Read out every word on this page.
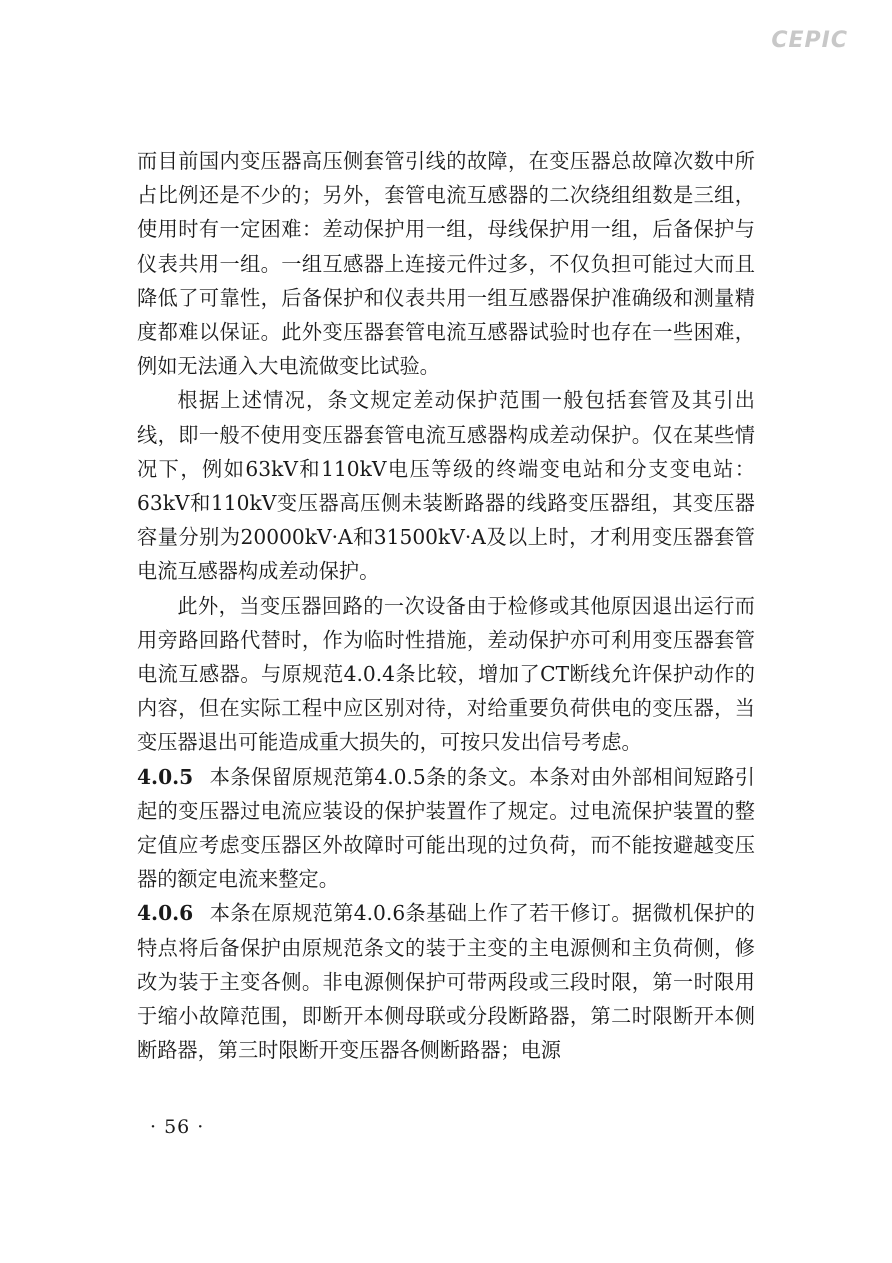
CEPIC

而目前国内变压器高压侧套管引线的故障，在变压器总故障次数中所占比例还是不少的；另外，套管电流互感器的二次绕组组数是三组，使用时有一定困难：差动保护用一组，母线保护用一组，后备保护与仪表共用一组。一组互感器上连接元件过多，不仅负担可能过大而且降低了可靠性，后备保护和仪表共用一组互感器保护准确级和测量精度都难以保证。此外变压器套管电流互感器试验时也存在一些困难，例如无法通入大电流做变比试验。

根据上述情况，条文规定差动保护范围一般包括套管及其引出线，即一般不使用变压器套管电流互感器构成差动保护。仅在某些情况下，例如63kV和110kV电压等级的终端变电站和分支变电站：63kV和110kV变压器高压侧未装断路器的线路变压器组，其变压器容量分别为20000kV·A和31500kV·A及以上时，才利用变压器套管电流互感器构成差动保护。

此外，当变压器回路的一次设备由于检修或其他原因退出运行而用旁路回路代替时，作为临时性措施，差动保护亦可利用变压器套管电流互感器。与原规范4.0.4条比较，增加了CT断线允许保护动作的内容，但在实际工程中应区别对待，对给重要负荷供电的变压器，当变压器退出可能造成重大损失的，可按只发出信号考虑。

4.0.5 本条保留原规范第4.0.5条的条文。本条对由外部相间短路引起的变压器过电流应装设的保护装置作了规定。过电流保护装置的整定值应考虑变压器区外故障时可能出现的过负荷，而不能按避越变压器的额定电流来整定。

4.0.6 本条在原规范第4.0.6条基础上作了若干修订。据微机保护的特点将后备保护由原规范条文的装于主变的主电源侧和主负荷侧，修改为装于主变各侧。非电源侧保护可带两段或三段时限，第一时限用于缩小故障范围，即断开本侧母联或分段断路器，第二时限断开本侧断路器，第三时限断开变压器各侧断路器；电源

· 56 ·
